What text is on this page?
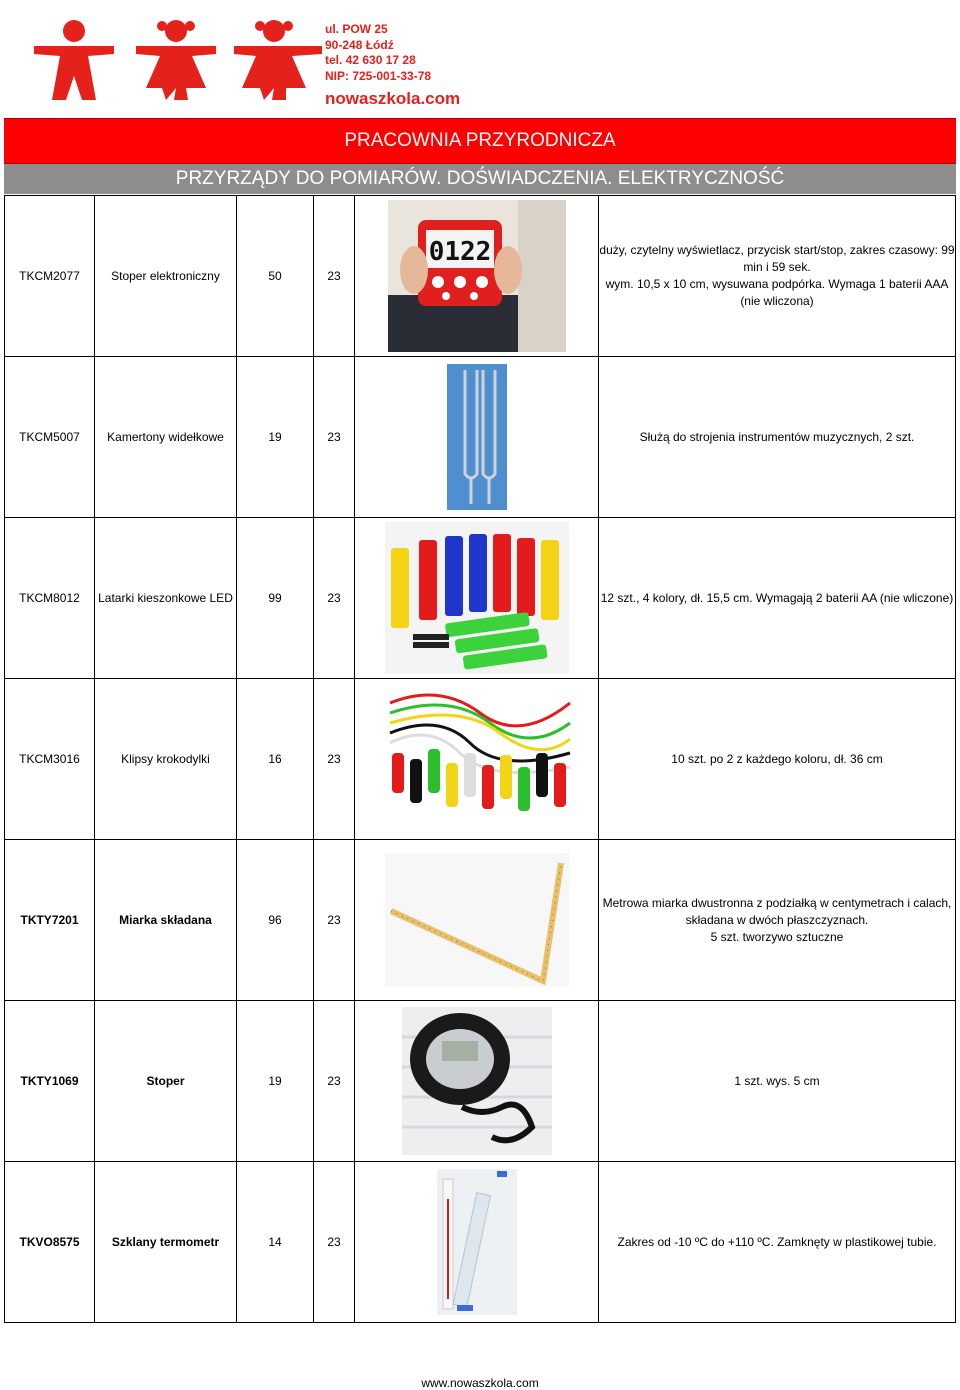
ul. POW 25
90-248 Łódź
tel. 42 630 17 28
NIP: 725-001-33-78
nowaszkola.com
PRACOWNIA PRZYRODNICZA
PRZYRZĄDY DO POMIARÓW. DOŚWIADCZENIA. ELEKTRYCZNOŚĆ
TKCM2077	Stoper elektroniczny	50	23	0122	duży, czytelny wyświetlacz, przycisk start/stop, zakres czasowy: 99 min i 59 sek.
wym. 10,5 x 10 cm, wysuwana podpórka. Wymaga 1 baterii AAA (nie wliczona)

TKCM5007	Kamertony widełkowe	19	23		Służą do strojenia instrumentów muzycznych, 2 szt.

TKCM8012	Latarki kieszonkowe LED	99	23		12 szt., 4 kolory, dł. 15,5 cm. Wymagają 2 baterii AA (nie wliczone)

TKCM3016	Klipsy krokodylki	16	23		10 szt. po 2 z każdego koloru, dł. 36 cm

TKTY7201	Miarka składana	96	23		Metrowa miarka dwustronna z podziałką w centymetrach i calach, składana w dwóch płaszczyznach.
5 szt. tworzywo sztuczne

TKTY1069	Stoper	19	23		1 szt. wys. 5 cm

TKVO8575	Szklany termometr	14	23		Zakres od -10 ºC do +110 ºC. Zamknęty w plastikowej tubie.
www.nowaszkola.com
